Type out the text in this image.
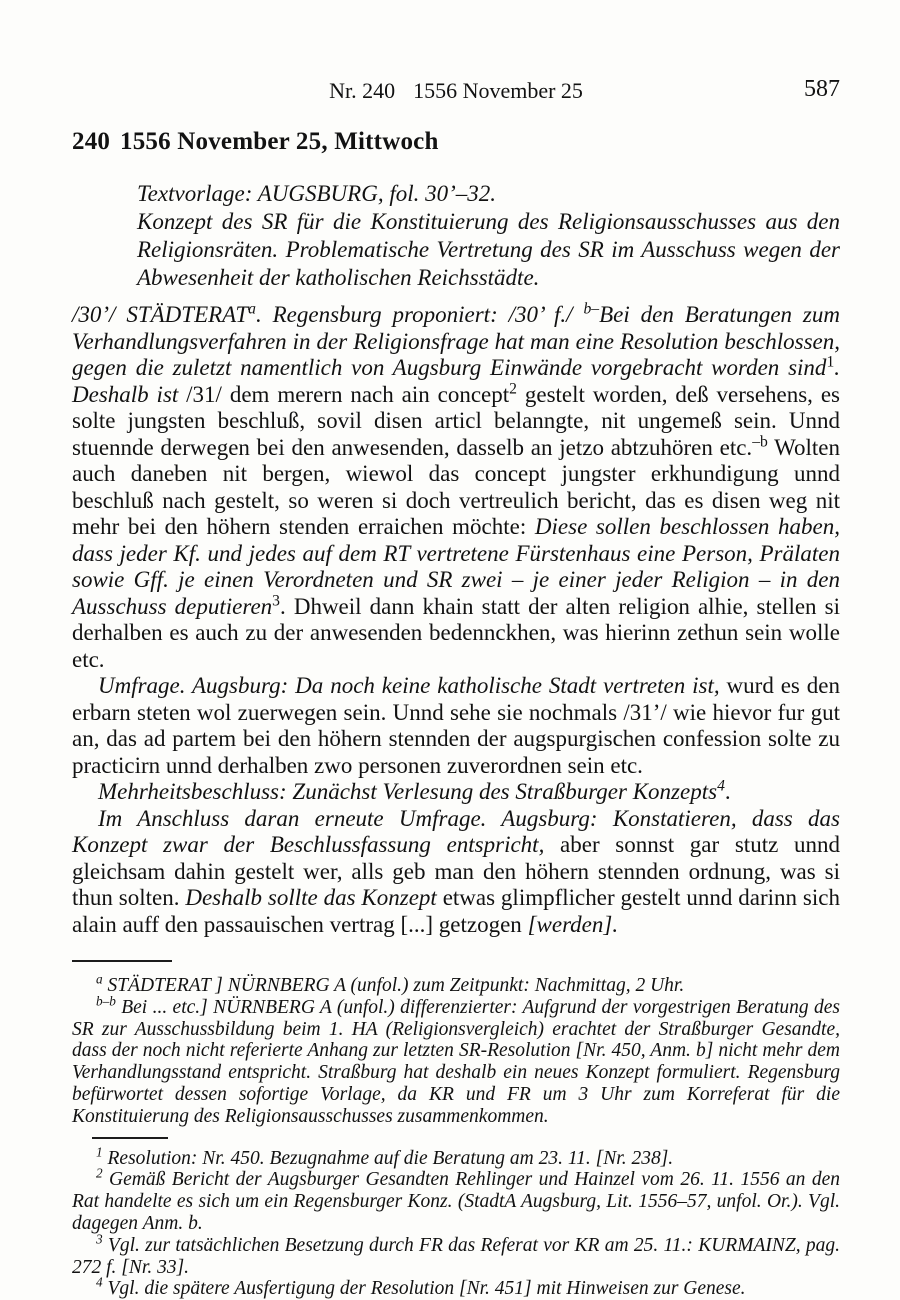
Nr. 240 1556 November 25	587
240 1556 November 25, Mittwoch

Textvorlage: AUGSBURG, fol. 30’–32.

Konzept des SR für die Konstituierung des Religionsausschusses aus den Religionsräten. Problematische Vertretung des SR im Ausschuss wegen der Abwesenheit der katholischen Reichsstädte.

/30’/ STÄDTERAT$^a$. Regensburg proponiert: /30’ f./ $^{b-}$Bei den Beratungen zum Verhandlungsverfahren in der Religionsfrage hat man eine Resolution beschlossen, gegen die zuletzt namentlich von Augsburg Einwände vorgebracht worden sind$^1$. Deshalb ist /31/ dem merern nach ain concept$^2$ gestelt worden, deß versehens, es solte jungsten beschluß, sovil disen articl belanngte, nit ungemeß sein. Unnd stuennde derwegen bei den anwesenden, dasselb an jetzo abtzuhören etc.$^{-b}$ Wolten auch daneben nit bergen, wiewol das concept jungster erkhundigung unnd beschluß nach gestelt, so weren si doch vertreulich bericht, das es disen weg nit mehr bei den höhern stenden erraichen möchte: Diese sollen beschlossen haben, dass jeder Kf. und jedes auf dem RT vertretene Fürstenhaus eine Person, Prälaten sowie Gff. je einen Verordneten und SR zwei – je einer jeder Religion – in den Ausschuss deputieren$^3$. Dhweil dann khain statt der alten religion alhie, stellen si derhalben es auch zu der anwesenden bedennckhen, was hierinn zethun sein wolle etc.

Umfrage. Augsburg: Da noch keine katholische Stadt vertreten ist, wurd es den erbarn steten wol zuerwegen sein. Unnd sehe sie nochmals /31’/ wie hievor fur gut an, das ad partem bei den höhern stennden der augspurgischen confession solte zu practicirn unnd derhalben zwo personen zuverordnen sein etc.

Mehrheitsbeschluss: Zunächst Verlesung des Straßburger Konzepts$^4$.

Im Anschluss daran erneute Umfrage. Augsburg: Konstatieren, dass das Konzept zwar der Beschlussfassung entspricht, aber sonnst gar stutz unnd gleichsam dahin gestelt wer, alls geb man den höhern stennden ordnung, was si thun solten. Deshalb sollte das Konzept etwas glimpflicher gestelt unnd darinn sich alain auff den passauischen vertrag [...] getzogen [werden].

$^a$ STÄDTERAT ] NÜRNBERG A (unfol.) zum Zeitpunkt: Nachmittag, 2 Uhr.

$^{b-b}$ Bei ... etc.] NÜRNBERG A (unfol.) differenzierter: Aufgrund der vorgestrigen Beratung des SR zur Ausschussbildung beim 1. HA (Religionsvergleich) erachtet der Straßburger Gesandte, dass der noch nicht referierte Anhang zur letzten SR-Resolution [Nr. 450, Anm. b] nicht mehr dem Verhandlungsstand entspricht. Straßburg hat deshalb ein neues Konzept formuliert. Regensburg befürwortet dessen sofortige Vorlage, da KR und FR um 3 Uhr zum Korreferat für die Konstituierung des Religionsausschusses zusammenkommen.

$^1$ Resolution: Nr. 450. Bezugnahme auf die Beratung am 23. 11. [Nr. 238].

$^2$ Gemäß Bericht der Augsburger Gesandten Rehlinger und Hainzel vom 26. 11. 1556 an den Rat handelte es sich um ein Regensburger Konz. (StadtA Augsburg, Lit. 1556–57, unfol. Or.). Vgl. dagegen Anm. b.

$^3$ Vgl. zur tatsächlichen Besetzung durch FR das Referat vor KR am 25. 11.: KURMAINZ, pag. 272 f. [Nr. 33].

$^4$ Vgl. die spätere Ausfertigung der Resolution [Nr. 451] mit Hinweisen zur Genese.
